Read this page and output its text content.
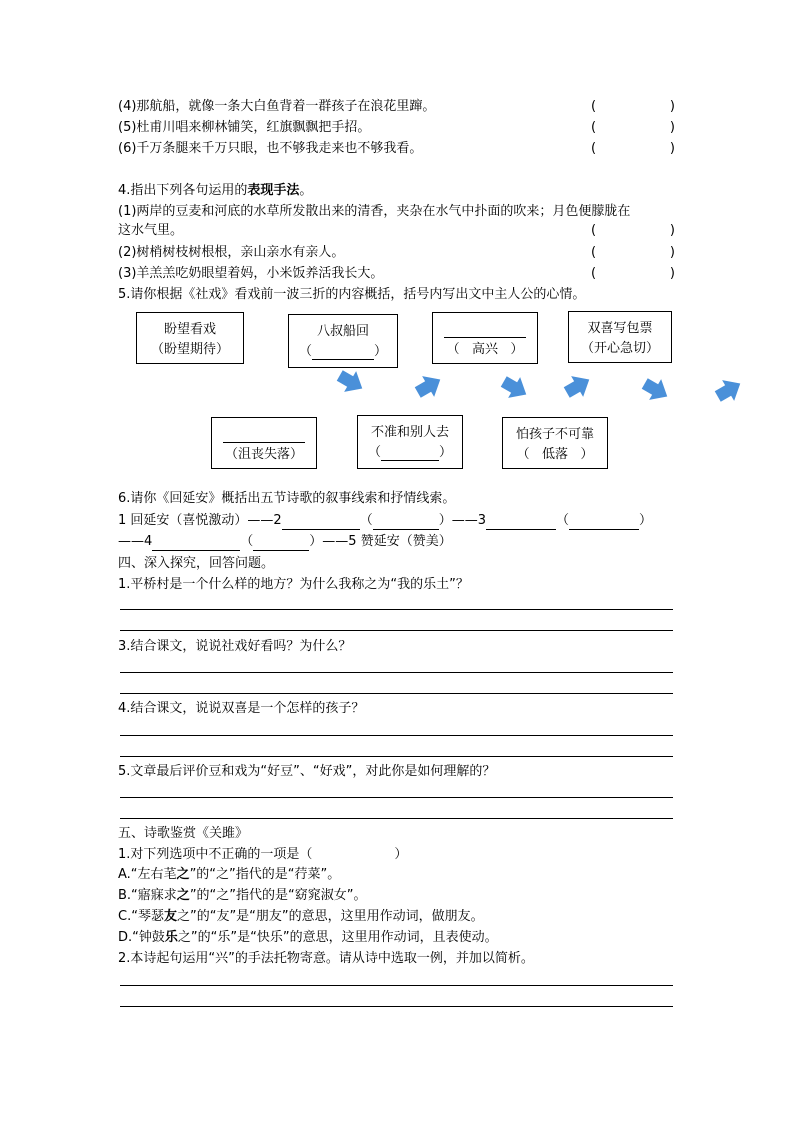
(4)那航船，就像一条大白鱼背着一群孩子在浪花里蹿。	(	)
(5)杜甫川唱来柳林铺笑，红旗飘飘把手招。	(	)
(6)千万条腿来千万只眼，也不够我走来也不够我看。	(	)
4.指出下列各句运用的表现手法。
(1)两岸的豆麦和河底的水草所发散出来的清香，夹杂在水气中扑面的吹来；月色便朦胧在
这水气里。	(	)
(2)树梢树枝树根根，亲山亲水有亲人。	(	)
(3)羊羔羔吃奶眼望着妈，小米饭养活我长大。	(	)
5.请你根据《社戏》看戏前一波三折的内容概括，括号内写出文中主人公的心情。
盼望看戏
（盼望期待）
八叔船回
（	）	（ 高兴 ）
双喜写包票
（开心急切）
（沮丧失落）
不准和别人去
（	）
怕孩子不可靠
（ 低落 ）
6.请你《回延安》概括出五节诗歌的叙事线索和抒情线索。
1 回延安（喜悦激动）——2	（	）——3	（	）
——4	（	）——5 赞延安（赞美）
四、深入探究，回答问题。
1.平桥村是一个什么样的地方？为什么我称之为“我的乐土”？
3.结合课文，说说社戏好看吗？为什么？
4.结合课文，说说双喜是一个怎样的孩子？
5.文章最后评价豆和戏为“好豆”、“好戏”，对此你是如何理解的？
五、诗歌鉴赏《关雎》
1.对下列选项中不正确的一项是（	）
A.“左右芼之”的“之”指代的是“荇菜”。
B.“寤寐求之”的“之”指代的是“窈窕淑女”。
C.“琴瑟友之”的“友”是“朋友”的意思，这里用作动词，做朋友。
D.“钟鼓乐之”的“乐”是“快乐”的意思，这里用作动词，且表使动。
2.本诗起句运用“兴”的手法托物寄意。请从诗中选取一例，并加以简析。
